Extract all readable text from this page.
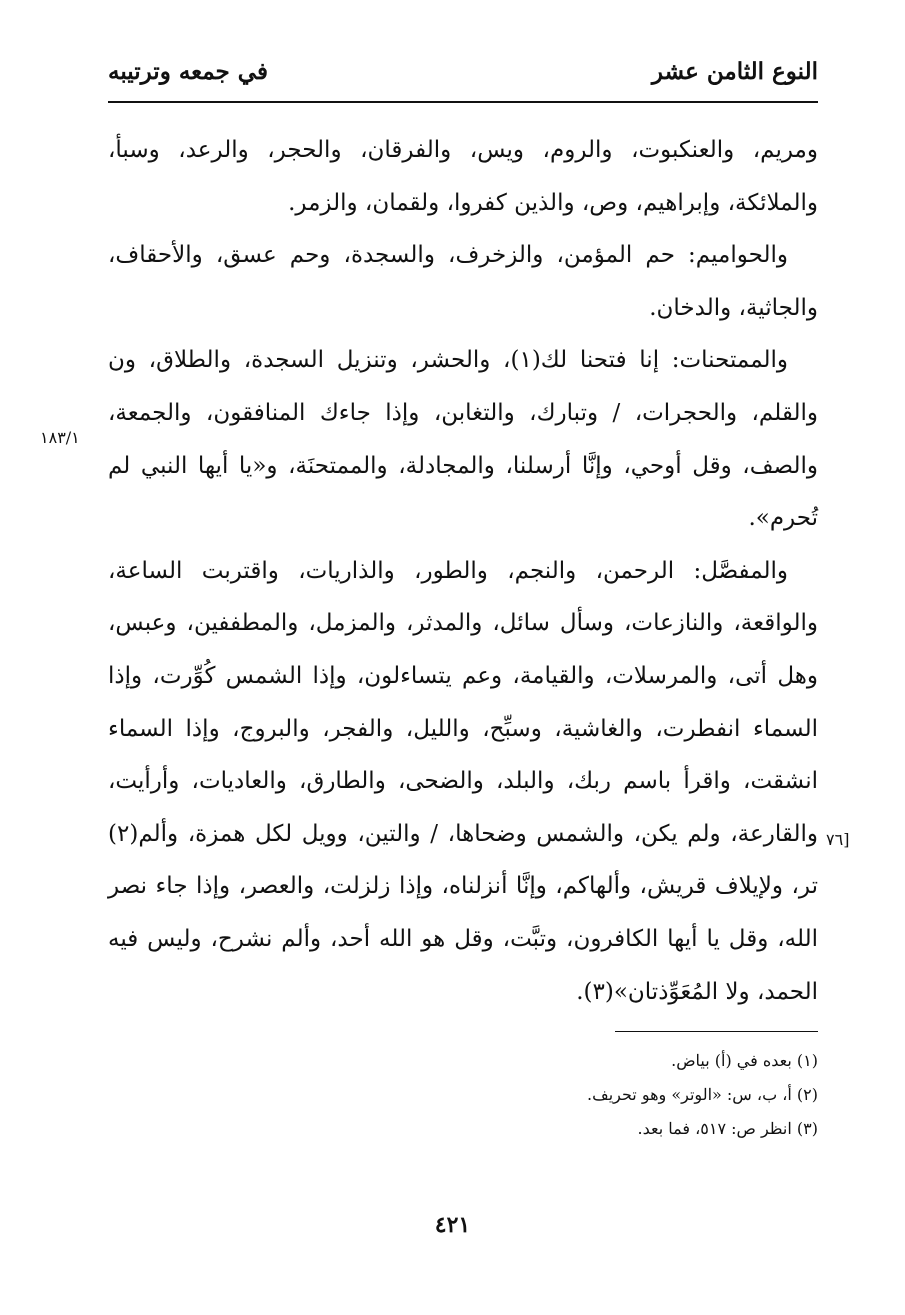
النوع الثامن عشر
في جمعه وترتيبه

ومريم، والعنكبوت، والروم، ويس، والفرقان، والحجر، والرعد، وسبأ، والملائكة، وإبراهيم، وص، والذين كفروا، ولقمان، والزمر.

والحواميم: حم المؤمن، والزخرف، والسجدة، وحم عسق، والأحقاف، والجاثية، والدخان.

والممتحنات: إنا فتحنا لك(١)، والحشر، وتنزيل السجدة، والطلاق، ون والقلم، والحجرات، / وتبارك، والتغابن، وإذا جاءك المنافقون، والجمعة، والصف، وقل أوحي، وإنَّا أرسلنا، والمجادلة، والممتحنَة، و«يا أيها النبي لم تُحرم».

والمفصَّل: الرحمن، والنجم، والطور، والذاريات، واقتربت الساعة، والواقعة، والنازعات، وسأل سائل، والمدثر، والمزمل، والمطففين، وعبس، وهل أتى، والمرسلات، والقيامة، وعم يتساءلون، وإذا الشمس كُوِّرت، وإذا السماء انفطرت، والغاشية، وسبِّح، والليل، والفجر، والبروج، وإذا السماء انشقت، واقرأ باسم ربك، والبلد، والضحى، والطارق، والعاديات، وأرأيت، والقارعة، ولم يكن، والشمس وضحاها، / والتين، وويل لكل همزة، وألم(٢) تر، ولإيلاف قريش، وألهاكم، وإنَّا أنزلناه، وإذا زلزلت، والعصر، وإذا جاء نصر الله، وقل يا أيها الكافرون، وتبَّت، وقل هو الله أحد، وألم نشرح، وليس فيه الحمد، ولا المُعَوِّذتان»(٣).

١٨٣/١
[٧٦

(١) بعده في (أ) بياض.

(٢) أ، ب، س: «الوتر» وهو تحريف.

(٣) انظر ص: ٥١٧، فما بعد.

٤٢١
